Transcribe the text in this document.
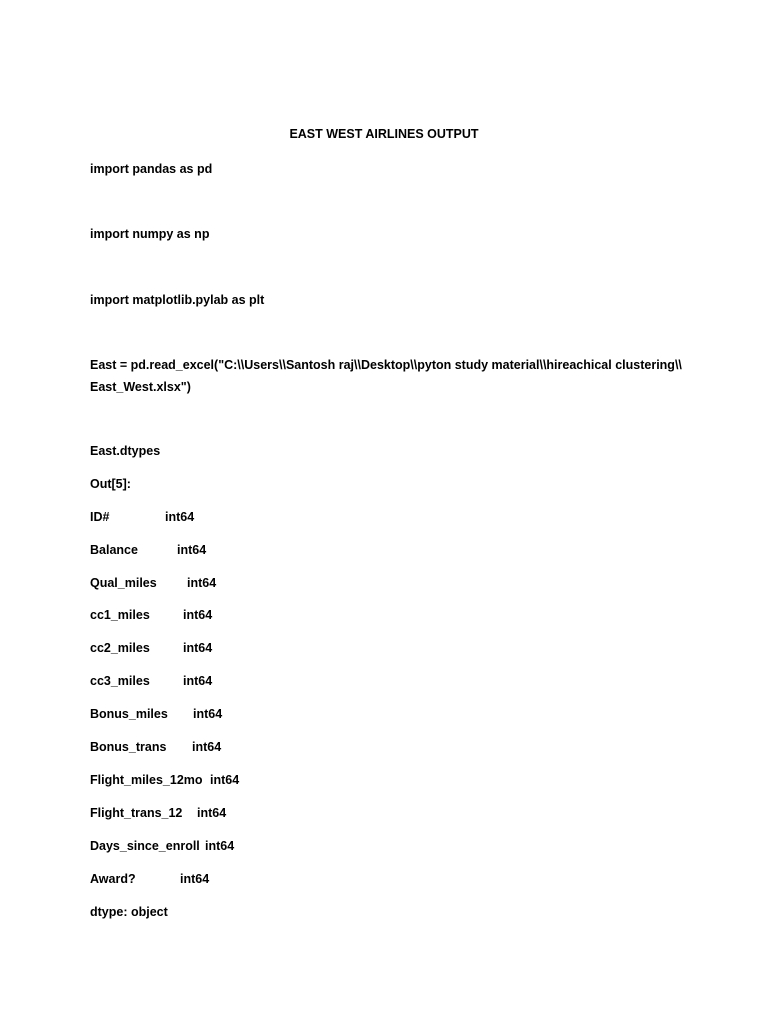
EAST WEST AIRLINES OUTPUT
import pandas as pd
import numpy as np
import matplotlib.pylab as plt
East = pd.read_excel("C:\\Users\\Santosh raj\\Desktop\\pyton study material\\hireachical clustering\\
East_West.xlsx")
East.dtypes
Out[5]:
ID#	int64
Balance	int64
Qual_miles int64
cc1_miles	int64
cc2_miles	int64
cc3_miles	int64
Bonus_miles int64
Bonus_trans int64
Flight_miles_12mo int64
Flight_trans_12 int64
Days_since_enroll int64
Award?	int64
dtype: object
